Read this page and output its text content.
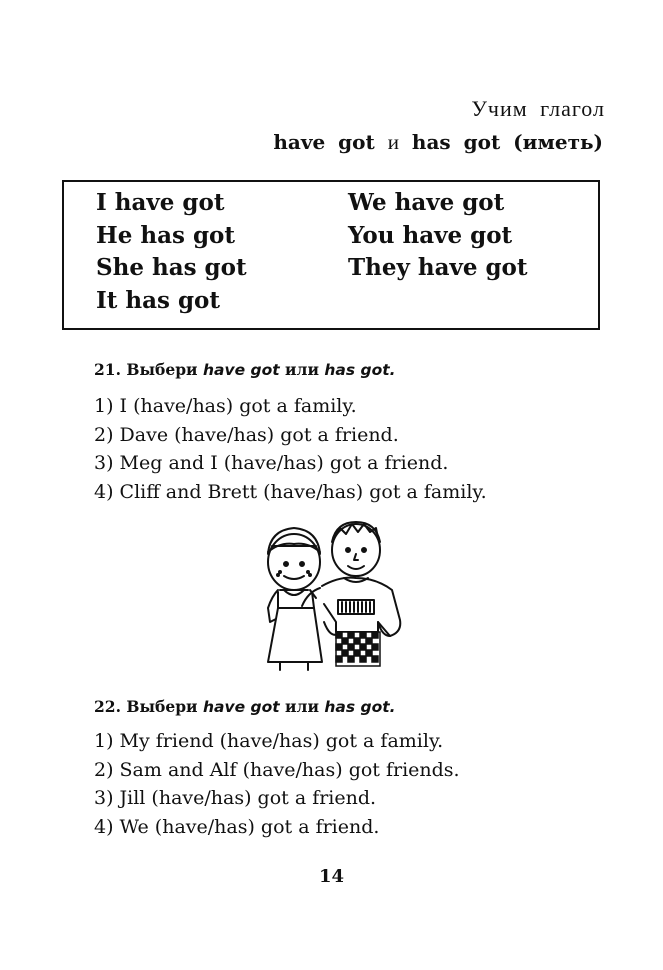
Учим глагол
have got и has got (иметь)
I have got
He has got
She has got
It has got
We have got
You have got
They have got
21. Выбери have got или has got.
1) I (have/has) got a family.
2) Dave (have/has) got a friend.
3) Meg and I (have/has) got a friend.
4) Cliff and Brett (have/has) got a family.
22. Выбери have got или has got.
1) My friend (have/has) got a family.
2) Sam and Alf (have/has) got friends.
3) Jill (have/has) got a friend.
4) We (have/has) got a friend.
14
